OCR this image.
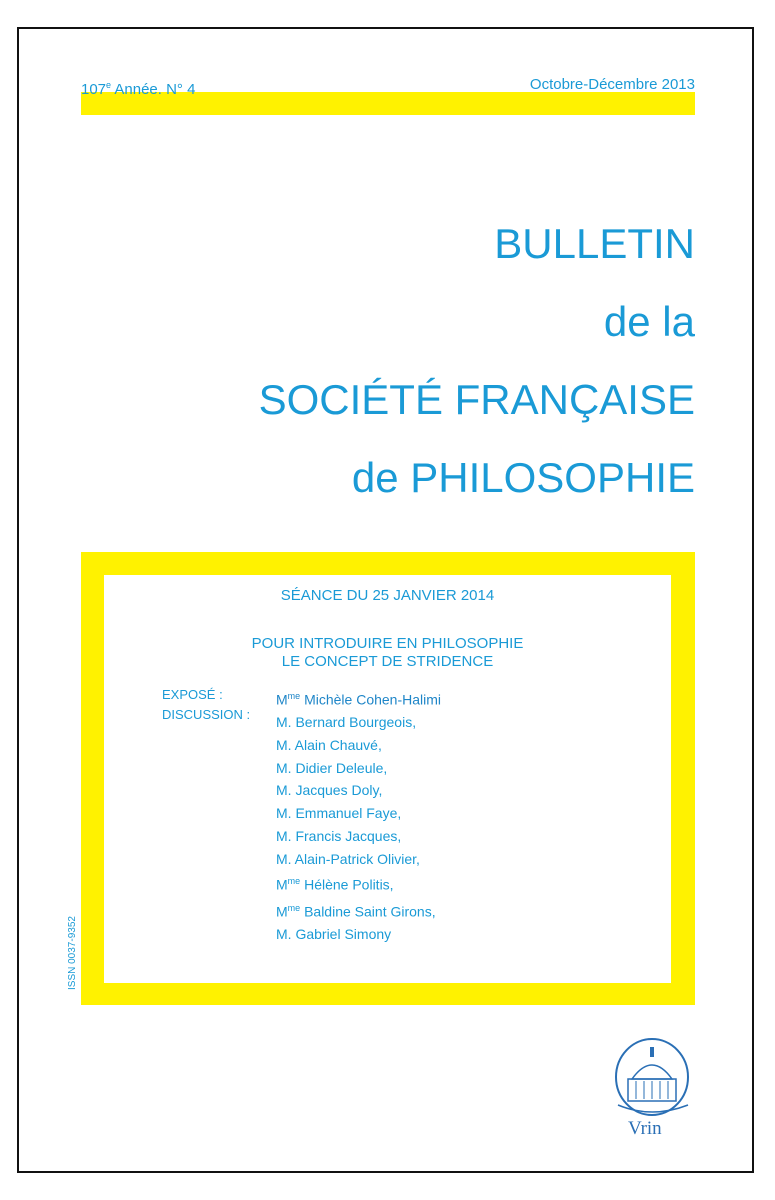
107e Année. N° 4	Octobre-Décembre 2013
BULLETIN
de la
SOCIÉTÉ FRANÇAISE
de PHILOSOPHIE
SÉANCE DU 25 JANVIER 2014
POUR INTRODUIRE EN PHILOSOPHIE
LE CONCEPT DE STRIDENCE
EXPOSÉ :
DISCUSSION :
$M^{me}$ Michèle Cohen-Halimi
M. Bernard Bourgeois,
M. Alain Chauvé,
M. Didier Deleule,
M. Jacques Doly,
M. Emmanuel Faye,
M. Francis Jacques,
M. Alain-Patrick Olivier,
$M^{me}$ Hélène Politis,
$M^{me}$ Baldine Saint Girons,
M. Gabriel Simony
ISSN 0037-9352
Vrin
